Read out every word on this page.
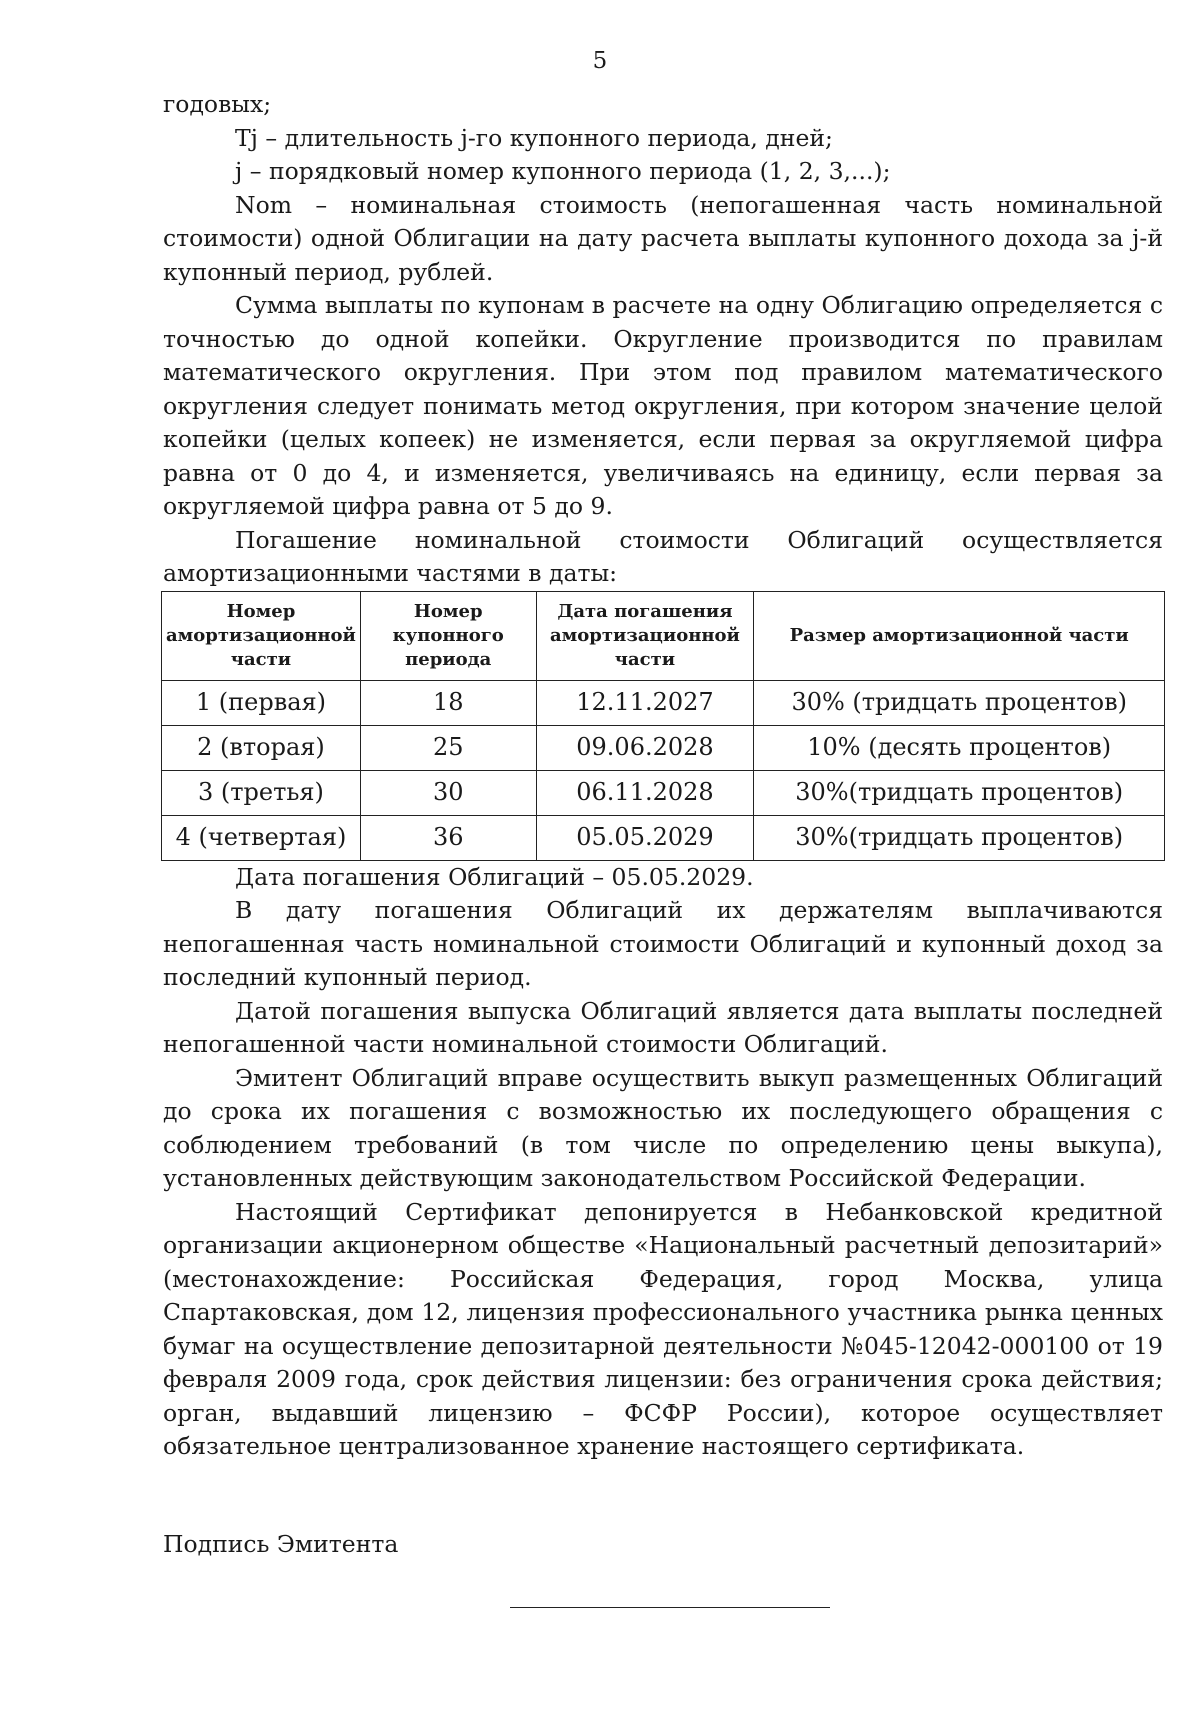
5

годовых;

Tj – длительность j-го купонного периода, дней;

j – порядковый номер купонного периода (1, 2, 3,...);

Nom – номинальная стоимость (непогашенная часть номинальной стоимости) одной Облигации на дату расчета выплаты купонного дохода за j-й купонный период, рублей.

Сумма выплаты по купонам в расчете на одну Облигацию определяется с точностью до одной копейки. Округление производится по правилам математического округления. При этом под правилом математического округления следует понимать метод округления, при котором значение целой копейки (целых копеек) не изменяется, если первая за округляемой цифра равна от 0 до 4, и изменяется, увеличиваясь на единицу, если первая за округляемой цифра равна от 5 до 9.

Погашение номинальной стоимости Облигаций осуществляется амортизационными частями в даты:

Номер амортизационной части	Номер купонного периода	Дата погашения амортизационной части	Размер амортизационной части
1 (первая)	18	12.11.2027	30% (тридцать процентов)
2 (вторая)	25	09.06.2028	10% (десять процентов)
3 (третья)	30	06.11.2028	30%(тридцать процентов)
4 (четвертая)	36	05.05.2029	30%(тридцать процентов)

Дата погашения Облигаций – 05.05.2029.

В дату погашения Облигаций их держателям выплачиваются непогашенная часть номинальной стоимости Облигаций и купонный доход за последний купонный период.

Датой погашения выпуска Облигаций является дата выплаты последней непогашенной части номинальной стоимости Облигаций.

Эмитент Облигаций вправе осуществить выкуп размещенных Облигаций до срока их погашения с возможностью их последующего обращения с соблюдением требований (в том числе по определению цены выкупа), установленных действующим законодательством Российской Федерации.

Настоящий Сертификат депонируется в Небанковской кредитной организации акционерном обществе «Национальный расчетный депозитарий» (местонахождение: Российская Федерация, город Москва, улица Спартаковская, дом 12, лицензия профессионального участника рынка ценных бумаг на осуществление депозитарной деятельности №045-12042-000100 от 19 февраля 2009 года, срок действия лицензии: без ограничения срока действия; орган, выдавший лицензию – ФСФР России), которое осуществляет обязательное централизованное хранение настоящего сертификата.

Подпись Эмитента
